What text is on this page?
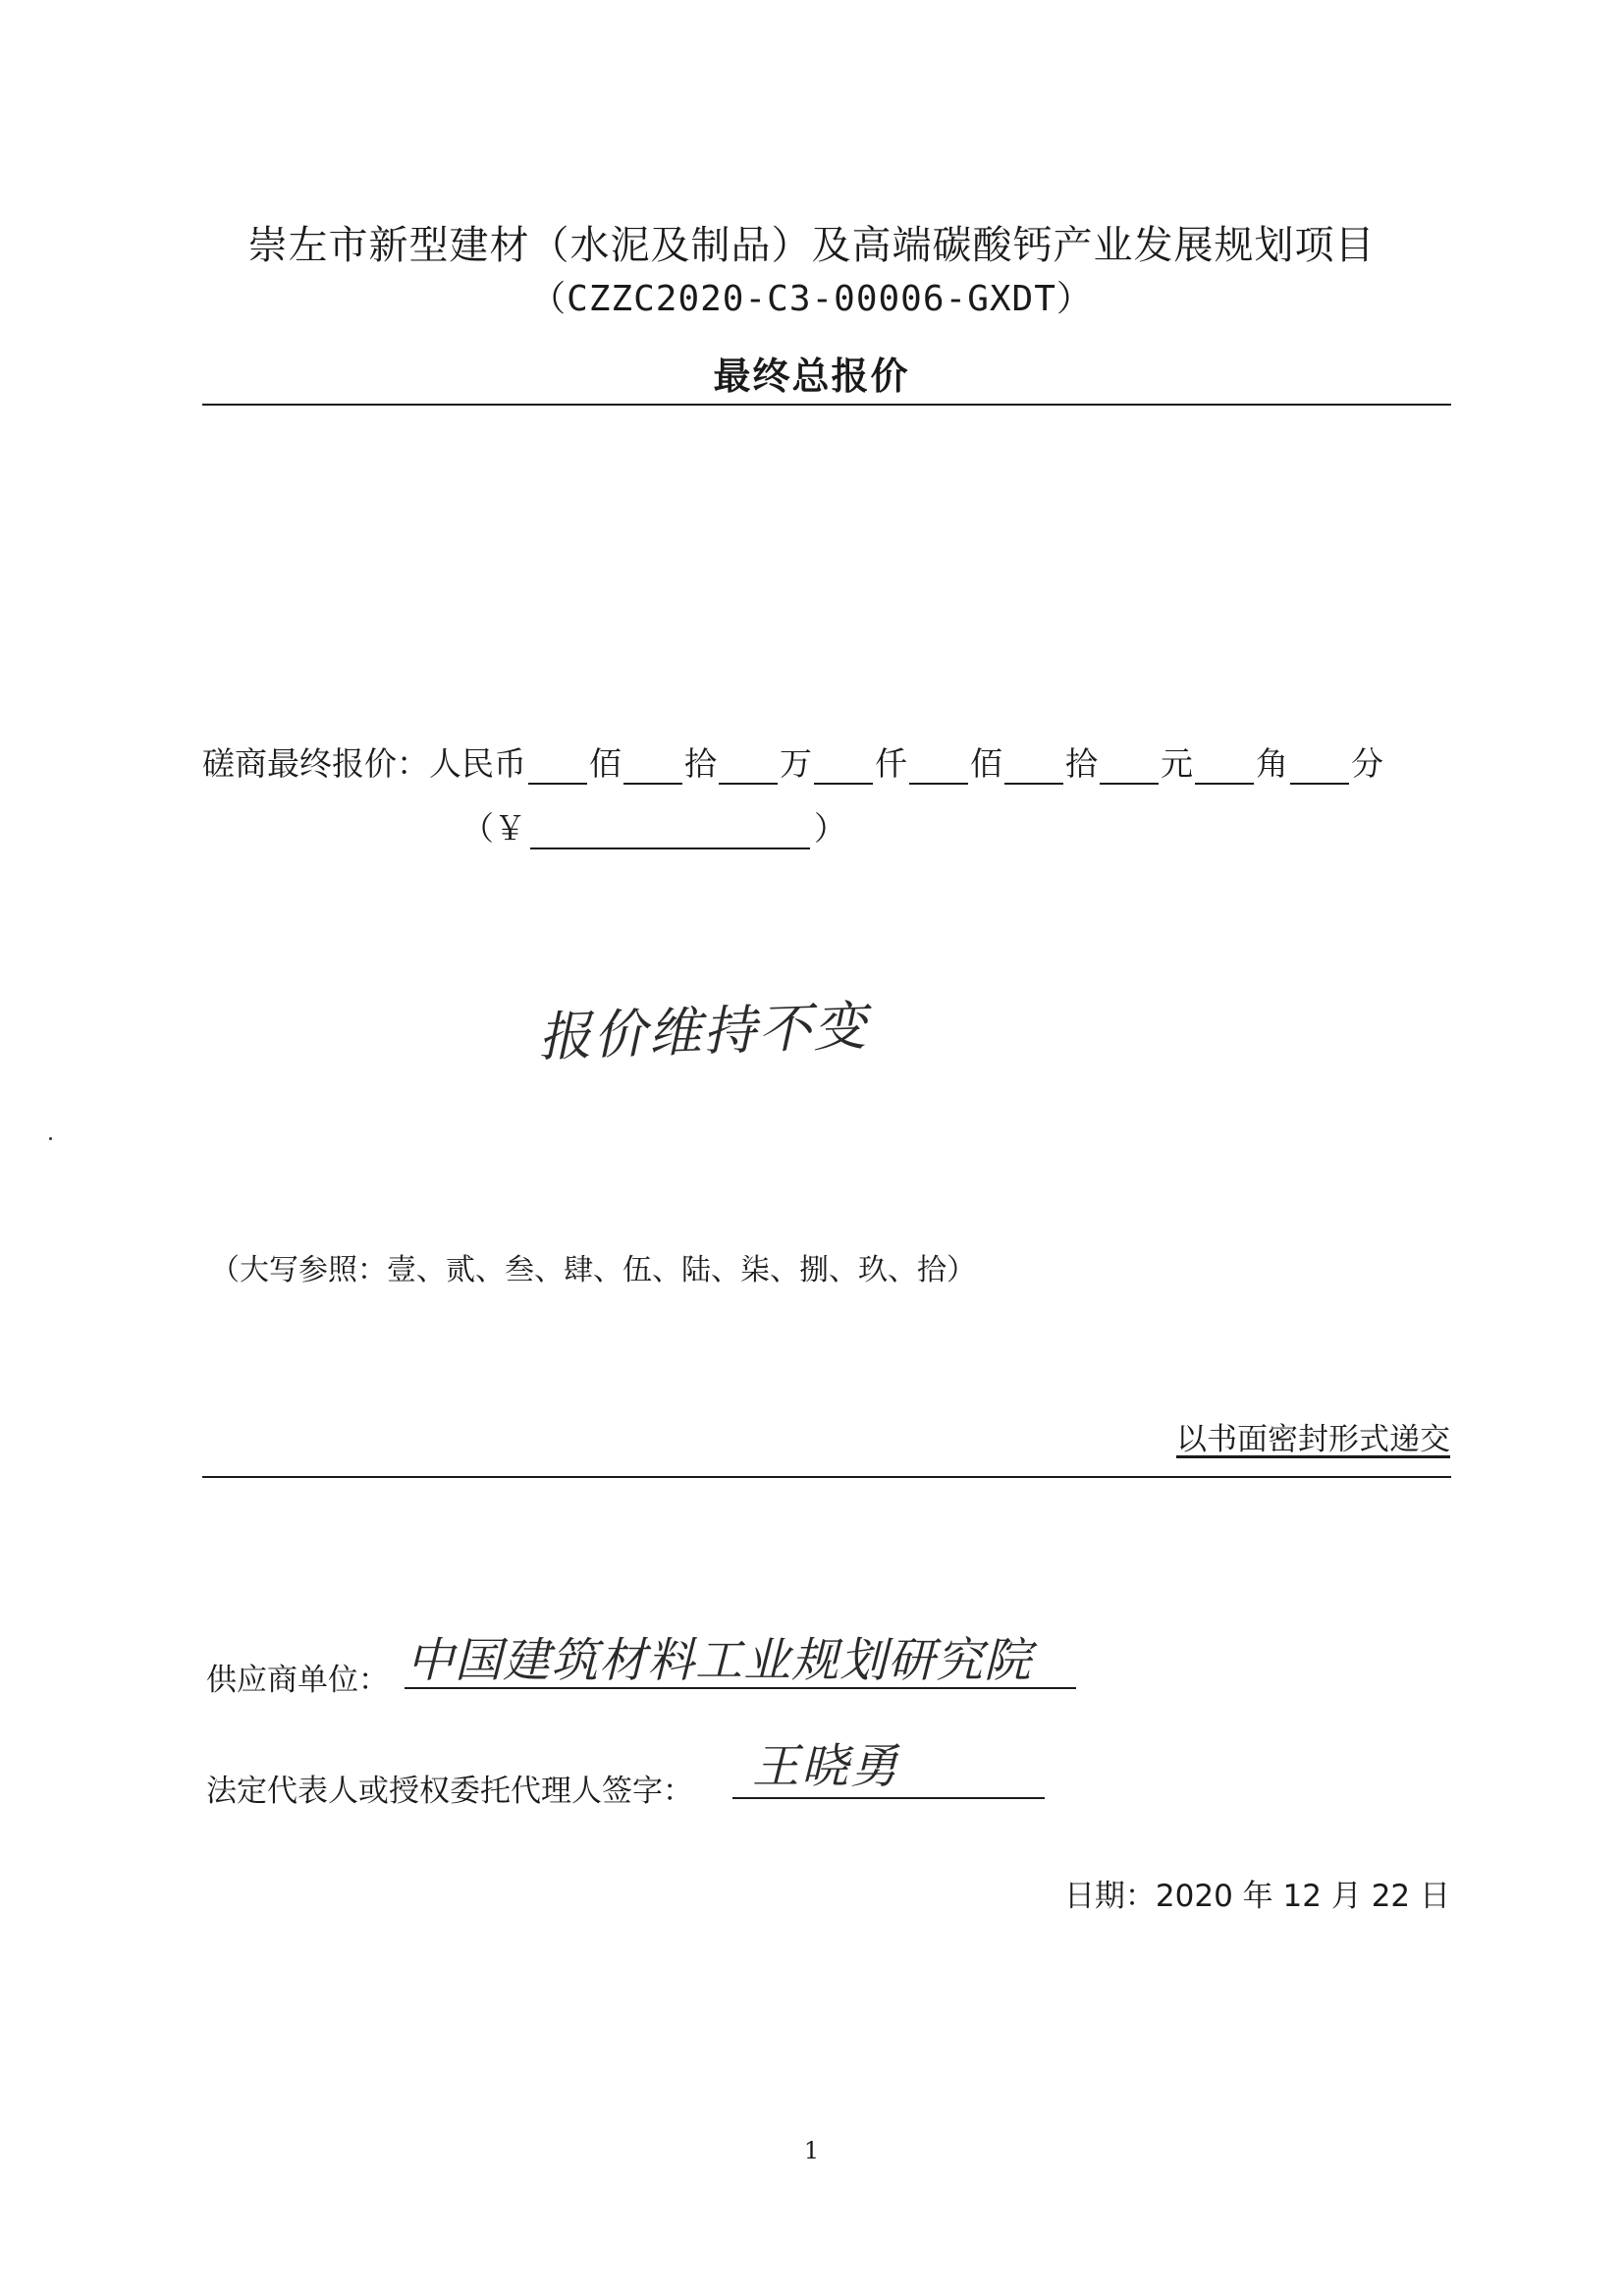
崇左市新型建材（水泥及制品）及高端碳酸钙产业发展规划项目
（CZZC2020-C3-00006-GXDT）
最终总报价
磋商最终报价：人民币 佰 拾 万 仟 佰 拾 元 角 分
（￥	）
报价维持不变
（大写参照：壹、贰、叁、肆、伍、陆、柒、捌、玖、拾）
以书面密封形式递交
供应商单位： 中国建筑材料工业规划研究院
法定代表人或授权委托代理人签字： 王晓勇
日期：2020 年 12 月 22 日
1
